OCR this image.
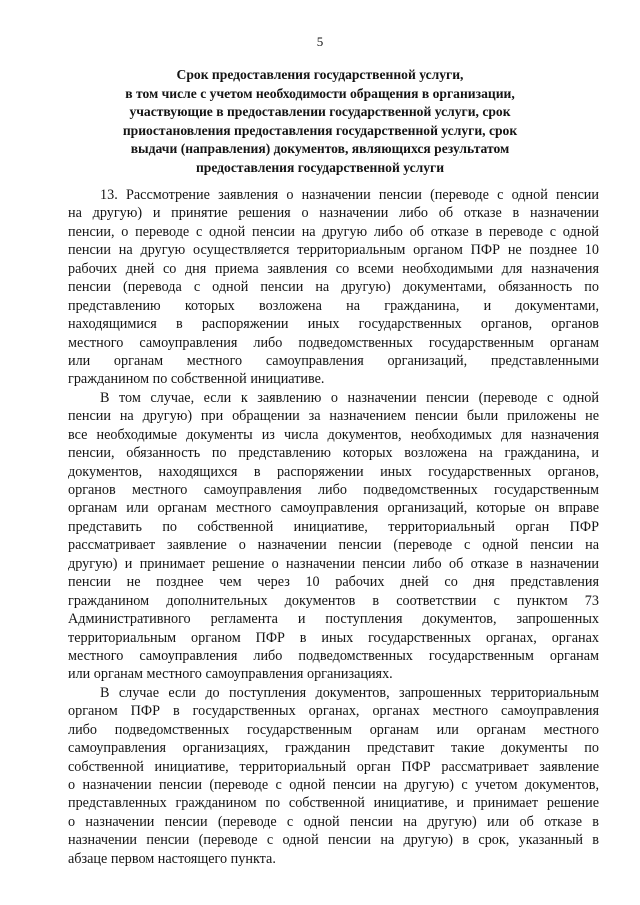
5
Срок предоставления государственной услуги,
в том числе с учетом необходимости обращения в организации,
участвующие в предоставлении государственной услуги, срок
приостановления предоставления государственной услуги, срок
выдачи (направления) документов, являющихся результатом
предоставления государственной услуги
13. Рассмотрение заявления о назначении пенсии (переводе с одной пенсии
на другую) и принятие решения о назначении либо об отказе в назначении
пенсии, о переводе с одной пенсии на другую либо об отказе в переводе с одной
пенсии на другую осуществляется территориальным органом ПФР не позднее 10
рабочих дней со дня приема заявления со всеми необходимыми для назначения
пенсии (перевода с одной пенсии на другую) документами, обязанность по
представлению которых возложена на гражданина, и документами,
находящимися в распоряжении иных государственных органов, органов
местного самоуправления либо подведомственных государственным органам
или органам местного самоуправления организаций, представленными
гражданином по собственной инициативе.
В том случае, если к заявлению о назначении пенсии (переводе с одной
пенсии на другую) при обращении за назначением пенсии были приложены не
все необходимые документы из числа документов, необходимых для назначения
пенсии, обязанность по представлению которых возложена на гражданина, и
документов, находящихся в распоряжении иных государственных органов,
органов местного самоуправления либо подведомственных государственным
органам или органам местного самоуправления организаций, которые он вправе
представить по собственной инициативе, территориальный орган ПФР
рассматривает заявление о назначении пенсии (переводе с одной пенсии на
другую) и принимает решение о назначении пенсии либо об отказе в назначении
пенсии не позднее чем через 10 рабочих дней со дня представления
гражданином дополнительных документов в соответствии с пунктом 73
Административного регламента и поступления документов, запрошенных
территориальным органом ПФР в иных государственных органах, органах
местного самоуправления либо подведомственных государственным органам
или органам местного самоуправления организациях.
В случае если до поступления документов, запрошенных территориальным
органом ПФР в государственных органах, органах местного самоуправления
либо подведомственных государственным органам или органам местного
самоуправления организациях, гражданин представит такие документы по
собственной инициативе, территориальный орган ПФР рассматривает заявление
о назначении пенсии (переводе с одной пенсии на другую) с учетом документов,
представленных гражданином по собственной инициативе, и принимает решение
о назначении пенсии (переводе с одной пенсии на другую) или об отказе в
назначении пенсии (переводе с одной пенсии на другую) в срок, указанный в
абзаце первом настоящего пункта.
